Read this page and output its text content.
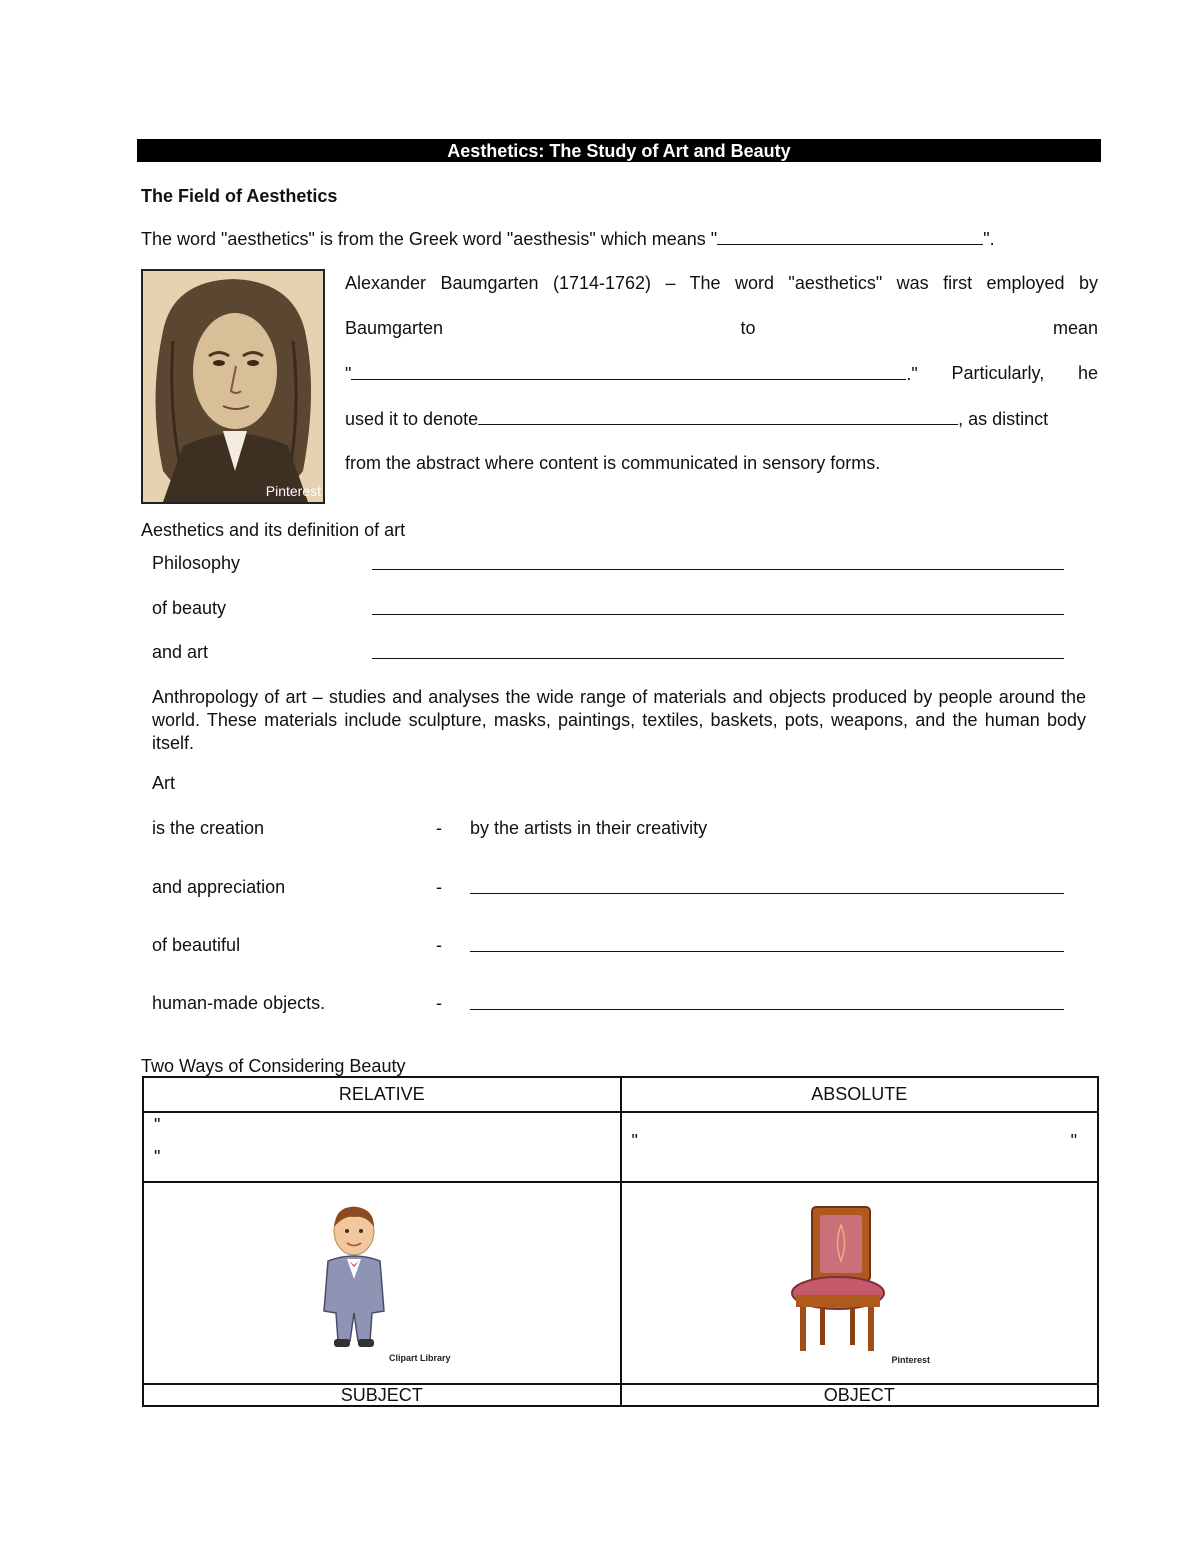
Aesthetics: The Study of Art and Beauty
The Field of Aesthetics
The word "aesthetics" is from the Greek word "aesthesis" which means "	".
Pinterest
Alexander Baumgarten (1714-1762) – The word "aesthetics" was first employed by
Baumgarten	to	mean
"	." Particularly, he
used it to denote	, as distinct
from the abstract where content is communicated in sensory forms.
Aesthetics and its definition of art
Philosophy
of beauty
and art
Anthropology of art – studies and analyses the wide range of materials and objects produced by people around the world. These materials include sculpture, masks, paintings, textiles, baskets, pots, weapons, and the human body itself.
Art
is the creation	- by the artists in their creativity
and appreciation	-
of beautiful	-
human-made objects.	-
Two Ways of Considering Beauty
RELATIVE	ABSOLUTE

"
"	" "

Clipart Library	Pinterest

SUBJECT	OBJECT
